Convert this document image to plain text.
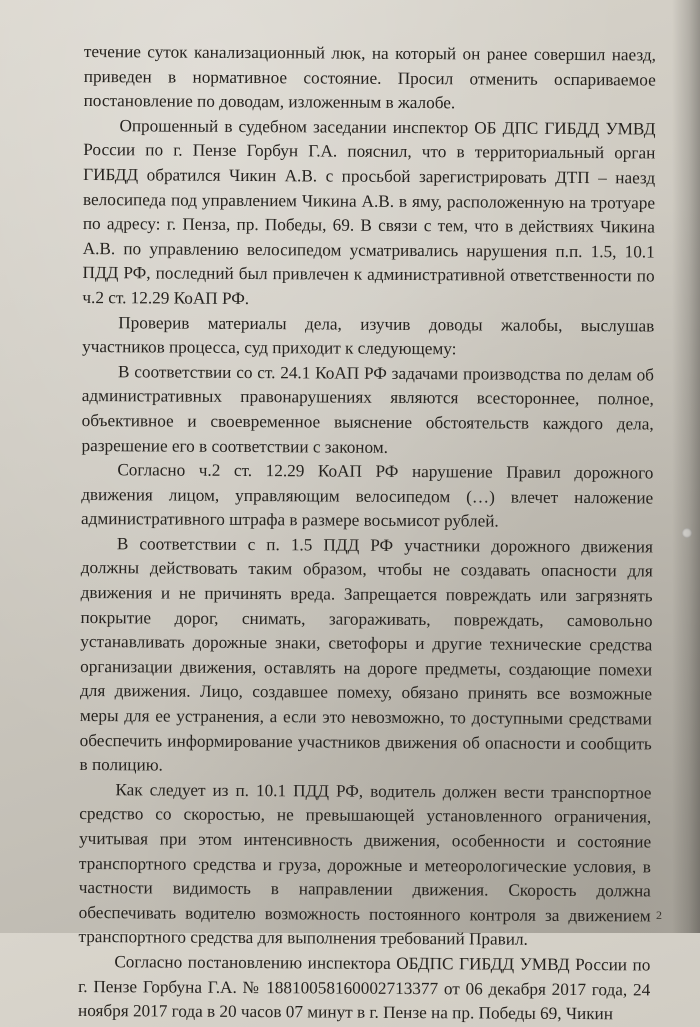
течение суток канализационный люк, на который он ранее совершил наезд, приведен в нормативное состояние. Просил отменить оспариваемое постановление по доводам, изложенным в жалобе.

Опрошенный в судебном заседании инспектор ОБ ДПС ГИБДД УМВД России по г. Пензе Горбун Г.А. пояснил, что в территориальный орган ГИБДД обратился Чикин А.В. с просьбой зарегистрировать ДТП – наезд велосипеда под управлением Чикина А.В. в яму, расположенную на тротуаре по адресу: г. Пенза, пр. Победы, 69. В связи с тем, что в действиях Чикина А.В. по управлению велосипедом усматривались нарушения п.п. 1.5, 10.1 ПДД РФ, последний был привлечен к административной ответственности по ч.2 ст. 12.29 КоАП РФ.

Проверив материалы дела, изучив доводы жалобы, выслушав участников процесса, суд приходит к следующему:

В соответствии со ст. 24.1 КоАП РФ задачами производства по делам об административных правонарушениях являются всестороннее, полное, объективное и своевременное выяснение обстоятельств каждого дела, разрешение его в соответствии с законом.

Согласно ч.2 ст. 12.29 КоАП РФ нарушение Правил дорожного движения лицом, управляющим велосипедом (…) влечет наложение административного штрафа в размере восьмисот рублей.

В соответствии с п. 1.5 ПДД РФ участники дорожного движения должны действовать таким образом, чтобы не создавать опасности для движения и не причинять вреда. Запрещается повреждать или загрязнять покрытие дорог, снимать, загораживать, повреждать, самовольно устанавливать дорожные знаки, светофоры и другие технические средства организации движения, оставлять на дороге предметы, создающие помехи для движения. Лицо, создавшее помеху, обязано принять все возможные меры для ее устранения, а если это невозможно, то доступными средствами обеспечить информирование участников движения об опасности и сообщить в полицию.

Как следует из п. 10.1 ПДД РФ, водитель должен вести транспортное средство со скоростью, не превышающей установленного ограничения, учитывая при этом интенсивность движения, особенности и состояние транспортного средства и груза, дорожные и метеорологические условия, в частности видимость в направлении движения. Скорость должна обеспечивать водителю возможность постоянного контроля за движением транспортного средства для выполнения требований Правил.

Согласно постановлению инспектора ОБДПС ГИБДД УМВД России по г. Пензе Горбуна Г.А. № 18810058160002713377 от 06 декабря 2017 года, 24 ноября 2017 года в 20 часов 07 минут в г. Пензе на пр. Победы 69, Чикин

2
